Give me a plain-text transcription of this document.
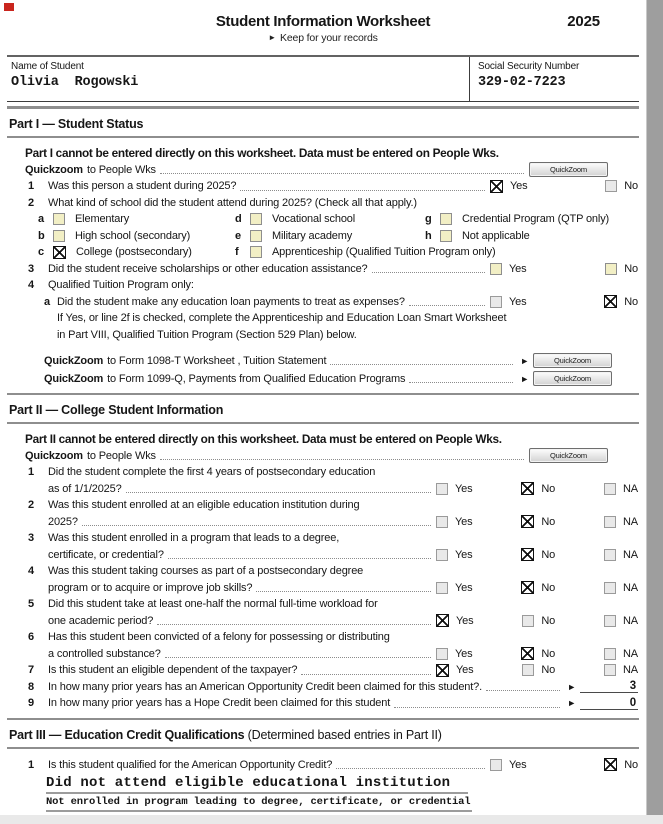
Student Information Worksheet	2025
► Keep for your records
Name of Student
Olivia  Rogowski
Social Security Number
329-02-7223
Part I — Student Status
Part I cannot be entered directly on this worksheet. Data must be entered on People Wks.
Quickzoom to People Wks	QuickZoom
1	Was this person a student during 2025?	Yes	No
2	What kind of school did the student attend during 2025? (Check all that apply.)
a	Elementary	d	Vocational school	g	Credential Program (QTP only)
b	High school (secondary)	e	Military academy	h	Not applicable
c	College (postsecondary)	f	Apprenticeship (Qualified Tuition Program only)
3	Did the student receive scholarships or other education assistance?	Yes	No
4	Qualified Tuition Program only:
a Did the student make any education loan payments to treat as expenses?	Yes	No
If Yes, or line 2f is checked, complete the Apprenticeship and Education Loan Smart Worksheet
in Part VIII, Qualified Tuition Program (Section 529 Plan) below.
QuickZoom to Form 1098-T Worksheet , Tuition Statement	►	QuickZoom
QuickZoom to Form 1099-Q, Payments from Qualified Education Programs	►	QuickZoom
Part II — College Student Information
Part II cannot be entered directly on this worksheet. Data must be entered on People Wks.
Quickzoom to People Wks	QuickZoom
1	Did the student complete the first 4 years of postsecondary education
as of 1/1/2025?	Yes	No	NA
2	Was this student enrolled at an eligible education institution during
2025?	Yes	No	NA
3	Was this student enrolled in a program that leads to a degree,
certificate, or credential?	Yes	No	NA
4	Was this student taking courses as part of a postsecondary degree
program or to acquire or improve job skills?	Yes	No	NA
5	Did this student take at least one-half the normal full-time workload for
one academic period?	Yes	No	NA
6	Has this student been convicted of a felony for possessing or distributing
a controlled substance?	Yes	No	NA
7	Is this student an eligible dependent of the taxpayer?	Yes	No	NA
8	In how many prior years has an American Opportunity Credit been claimed for this student?.	►	3
9	In how many prior years has a Hope Credit been claimed for this student	►	0
Part III — Education Credit Qualifications (Determined based entries in Part II)
1	Is this student qualified for the American Opportunity Credit?	Yes	No
Did not attend eligible educational institution
Not enrolled in program leading to degree, certificate, or credential
